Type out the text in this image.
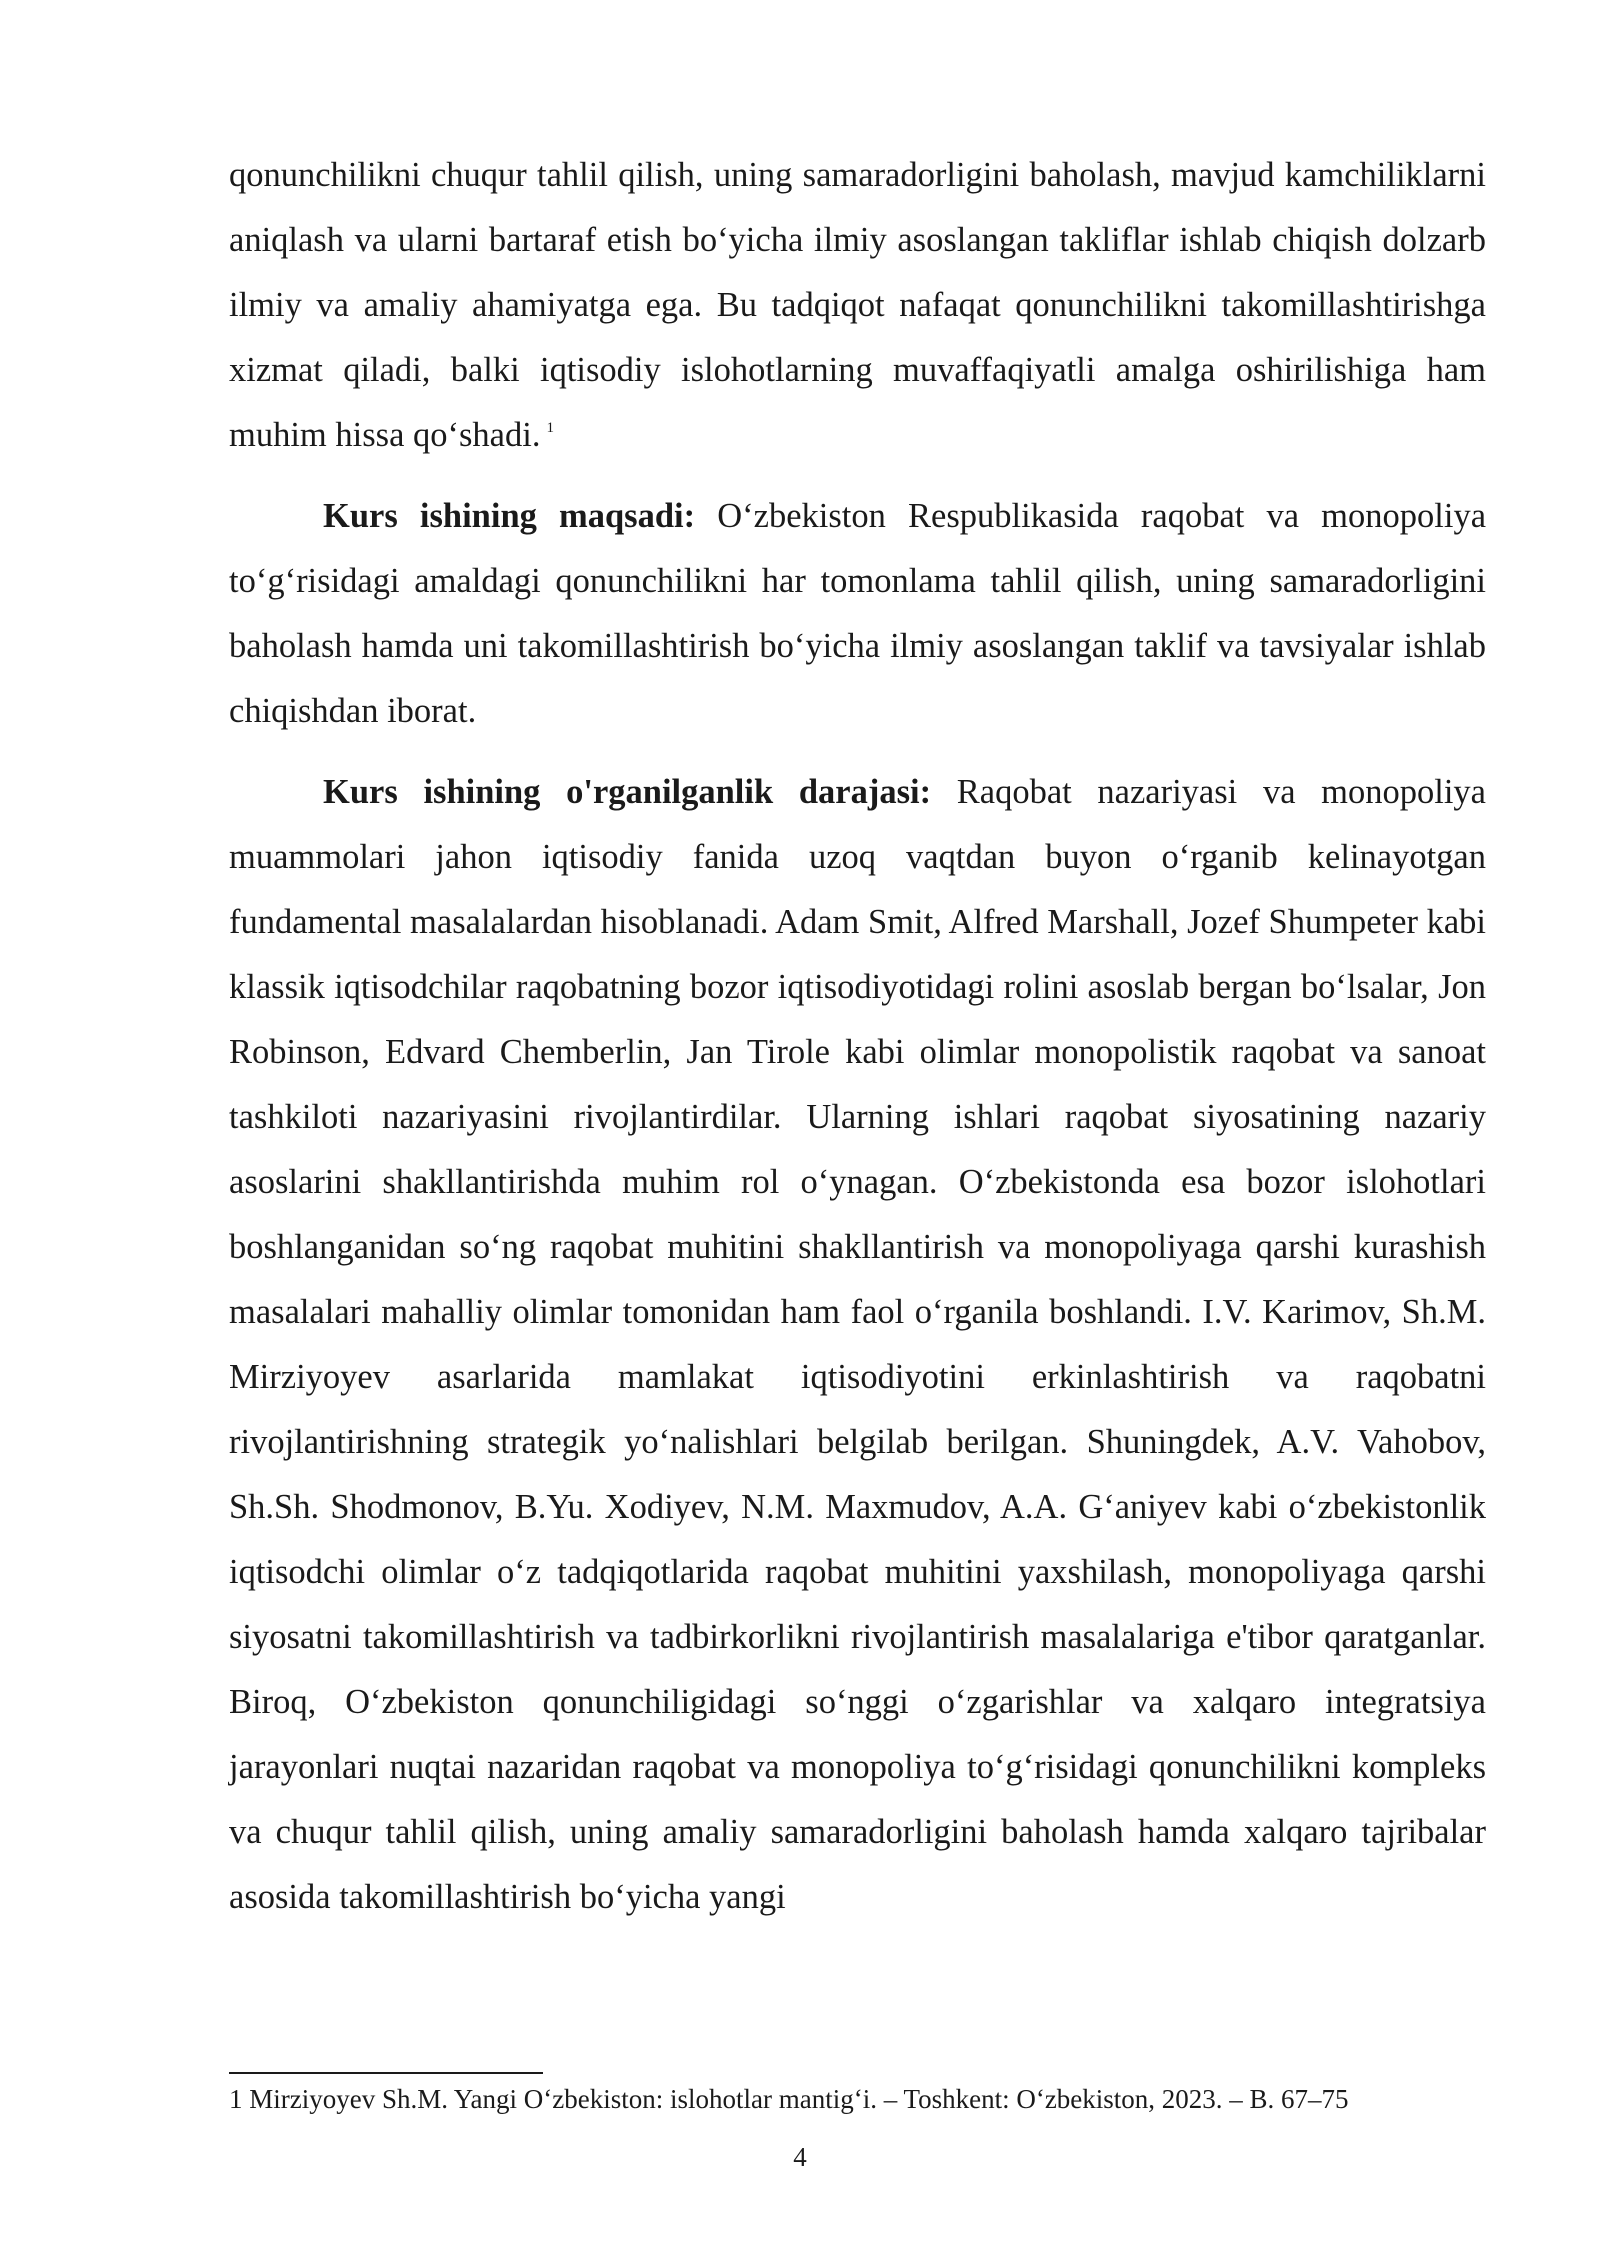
qonunchilikni chuqur tahlil qilish, uning samaradorligini baholash, mavjud kamchiliklarni aniqlash va ularni bartaraf etish bo‘yicha ilmiy asoslangan takliflar ishlab chiqish dolzarb ilmiy va amaliy ahamiyatga ega. Bu tadqiqot nafaqat qonunchilikni takomillashtirishga xizmat qiladi, balki iqtisodiy islohotlarning muvaffaqiyatli amalga oshirilishiga ham muhim hissa qo‘shadi. $^1$

Kurs ishining maqsadi: O‘zbekiston Respublikasida raqobat va monopoliya to‘g‘risidagi amaldagi qonunchilikni har tomonlama tahlil qilish, uning samaradorligini baholash hamda uni takomillashtirish bo‘yicha ilmiy asoslangan taklif va tavsiyalar ishlab chiqishdan iborat.

Kurs ishining o'rganilganlik darajasi: Raqobat nazariyasi va monopoliya muammolari jahon iqtisodiy fanida uzoq vaqtdan buyon o‘rganib kelinayotgan fundamental masalalardan hisoblanadi. Adam Smit, Alfred Marshall, Jozef Shumpeter kabi klassik iqtisodchilar raqobatning bozor iqtisodiyotidagi rolini asoslab bergan bo‘lsalar, Jon Robinson, Edvard Chemberlin, Jan Tirole kabi olimlar monopolistik raqobat va sanoat tashkiloti nazariyasini rivojlantirdilar. Ularning ishlari raqobat siyosatining nazariy asoslarini shakllantirishda muhim rol o‘ynagan. O‘zbekistonda esa bozor islohotlari boshlanganidan so‘ng raqobat muhitini shakllantirish va monopoliyaga qarshi kurashish masalalari mahalliy olimlar tomonidan ham faol o‘rganila boshlandi. I.V. Karimov, Sh.M. Mirziyoyev asarlarida mamlakat iqtisodiyotini erkinlashtirish va raqobatni rivojlantirishning strategik yo‘nalishlari belgilab berilgan. Shuningdek, A.V. Vahobov, Sh.Sh. Shodmonov, B.Yu. Xodiyev, N.M. Maxmudov, A.A. G‘aniyev kabi o‘zbekistonlik iqtisodchi olimlar o‘z tadqiqotlarida raqobat muhitini yaxshilash, monopoliyaga qarshi siyosatni takomillashtirish va tadbirkorlikni rivojlantirish masalalariga e'tibor qaratganlar. Biroq, O‘zbekiston qonunchiligidagi so‘nggi o‘zgarishlar va xalqaro integratsiya jarayonlari nuqtai nazaridan raqobat va monopoliya to‘g‘risidagi qonunchilikni kompleks va chuqur tahlil qilish, uning amaliy samaradorligini baholash hamda xalqaro tajribalar asosida takomillashtirish bo‘yicha yangi

1 Mirziyoyev Sh.M. Yangi O‘zbekiston: islohotlar mantig‘i. – Toshkent: O‘zbekiston, 2023. – B. 67–75
4
